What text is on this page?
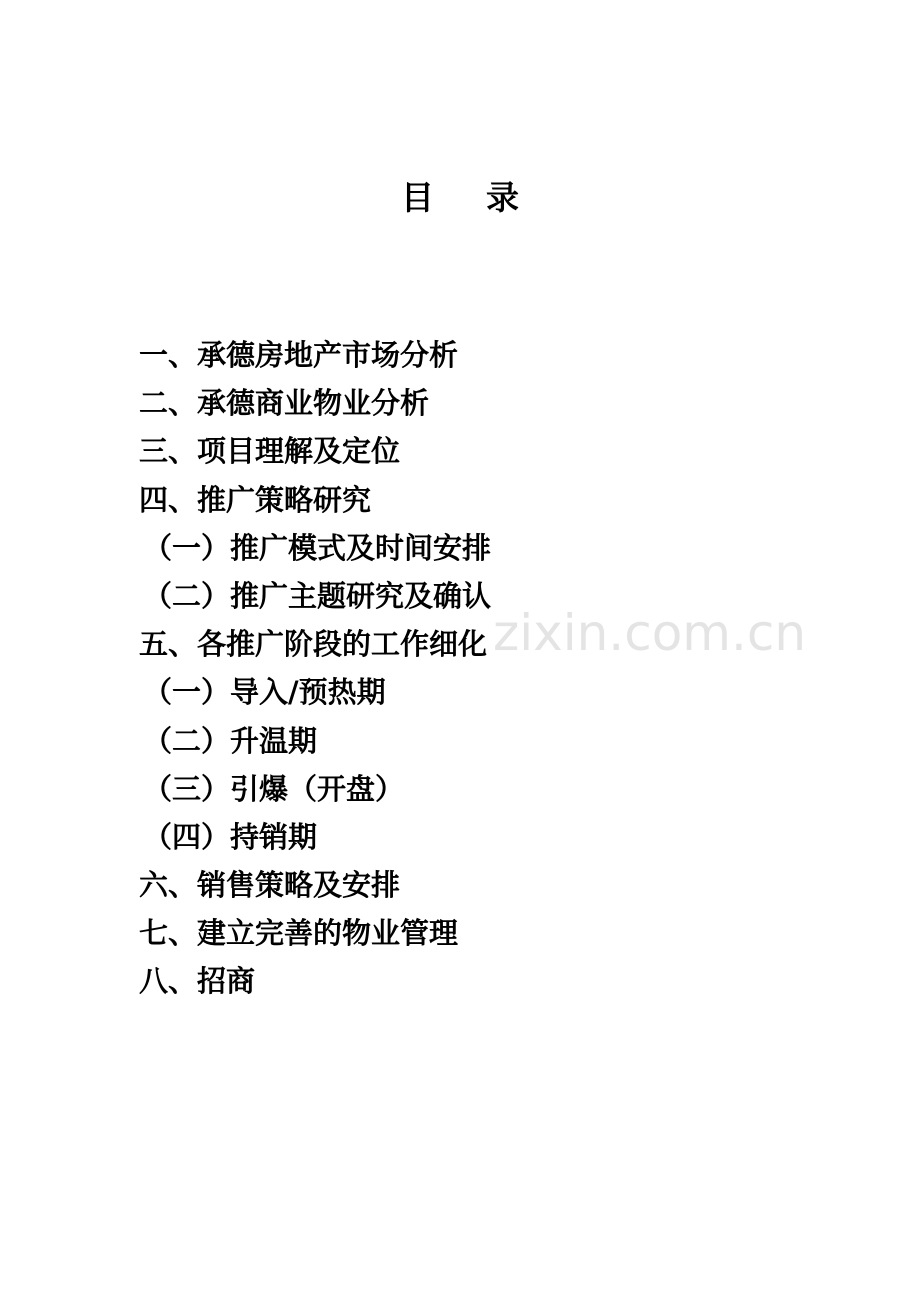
目 录
zixin.com.cn
一、承德房地产市场分析
二、承德商业物业分析
三、项目理解及定位
四、推广策略研究
（一）推广模式及时间安排
（二）推广主题研究及确认
五、各推广阶段的工作细化
（一）导入/预热期
（二）升温期
（三）引爆（开盘）
（四）持销期
六、销售策略及安排
七、建立完善的物业管理
八、招商
